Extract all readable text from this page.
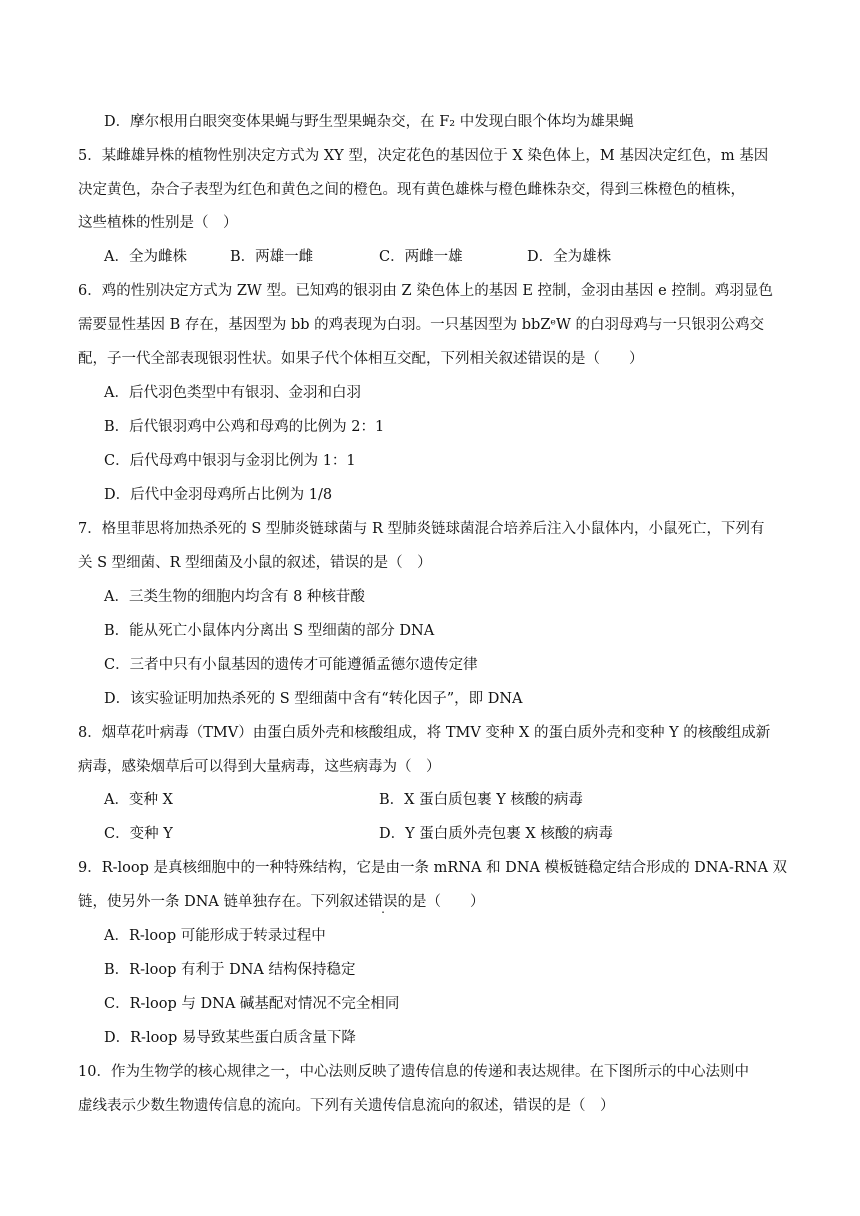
D．摩尔根用白眼突变体果蝇与野生型果蝇杂交，在 F₂ 中发现白眼个体均为雄果蝇
5．某雌雄异株的植物性别决定方式为 XY 型，决定花色的基因位于 X 染色体上，M 基因决定红色，m 基因
决定黄色，杂合子表型为红色和黄色之间的橙色。现有黄色雄株与橙色雌株杂交，得到三株橙色的植株，
这些植株的性别是（　）
A．全为雌株	B．两雄一雌	C．两雌一雄	D．全为雄株
6．鸡的性别决定方式为 ZW 型。已知鸡的银羽由 Z 染色体上的基因 E 控制，金羽由基因 e 控制。鸡羽显色
需要显性基因 B 存在，基因型为 bb 的鸡表现为白羽。一只基因型为 bbZᵉW 的白羽母鸡与一只银羽公鸡交
配，子一代全部表现银羽性状。如果子代个体相互交配，下列相关叙述错误的是（　　）
A．后代羽色类型中有银羽、金羽和白羽
B．后代银羽鸡中公鸡和母鸡的比例为 2：1
C．后代母鸡中银羽与金羽比例为 1：1
D．后代中金羽母鸡所占比例为 1/8
7．格里菲思将加热杀死的 S 型肺炎链球菌与 R 型肺炎链球菌混合培养后注入小鼠体内，小鼠死亡，下列有
关 S 型细菌、R 型细菌及小鼠的叙述，错误的是（　）
A．三类生物的细胞内均含有 8 种核苷酸
B．能从死亡小鼠体内分离出 S 型细菌的部分 DNA
C．三者中只有小鼠基因的遗传才可能遵循孟德尔遗传定律
D．该实验证明加热杀死的 S 型细菌中含有“转化因子”，即 DNA
8．烟草花叶病毒（TMV）由蛋白质外壳和核酸组成，将 TMV 变种 X 的蛋白质外壳和变种 Y 的核酸组成新
病毒，感染烟草后可以得到大量病毒，这些病毒为（　）
A．变种 X	B．X 蛋白质包裹 Y 核酸的病毒
C．变种 Y	D．Y 蛋白质外壳包裹 X 核酸的病毒
9．R-loop 是真核细胞中的一种特殊结构，它是由一条 mRNA 和 DNA 模板链稳定结合形成的 DNA-RNA 双
链，使另外一条 DNA 链单独存在。下列叙述错误的是（　　）
A．R-loop 可能形成于转录过程中
B．R-loop 有利于 DNA 结构保持稳定
C．R-loop 与 DNA 碱基配对情况不完全相同
D．R-loop 易导致某些蛋白质含量下降
10．作为生物学的核心规律之一，中心法则反映了遗传信息的传递和表达规律。在下图所示的中心法则中
虚线表示少数生物遗传信息的流向。下列有关遗传信息流向的叙述，错误的是（　）
